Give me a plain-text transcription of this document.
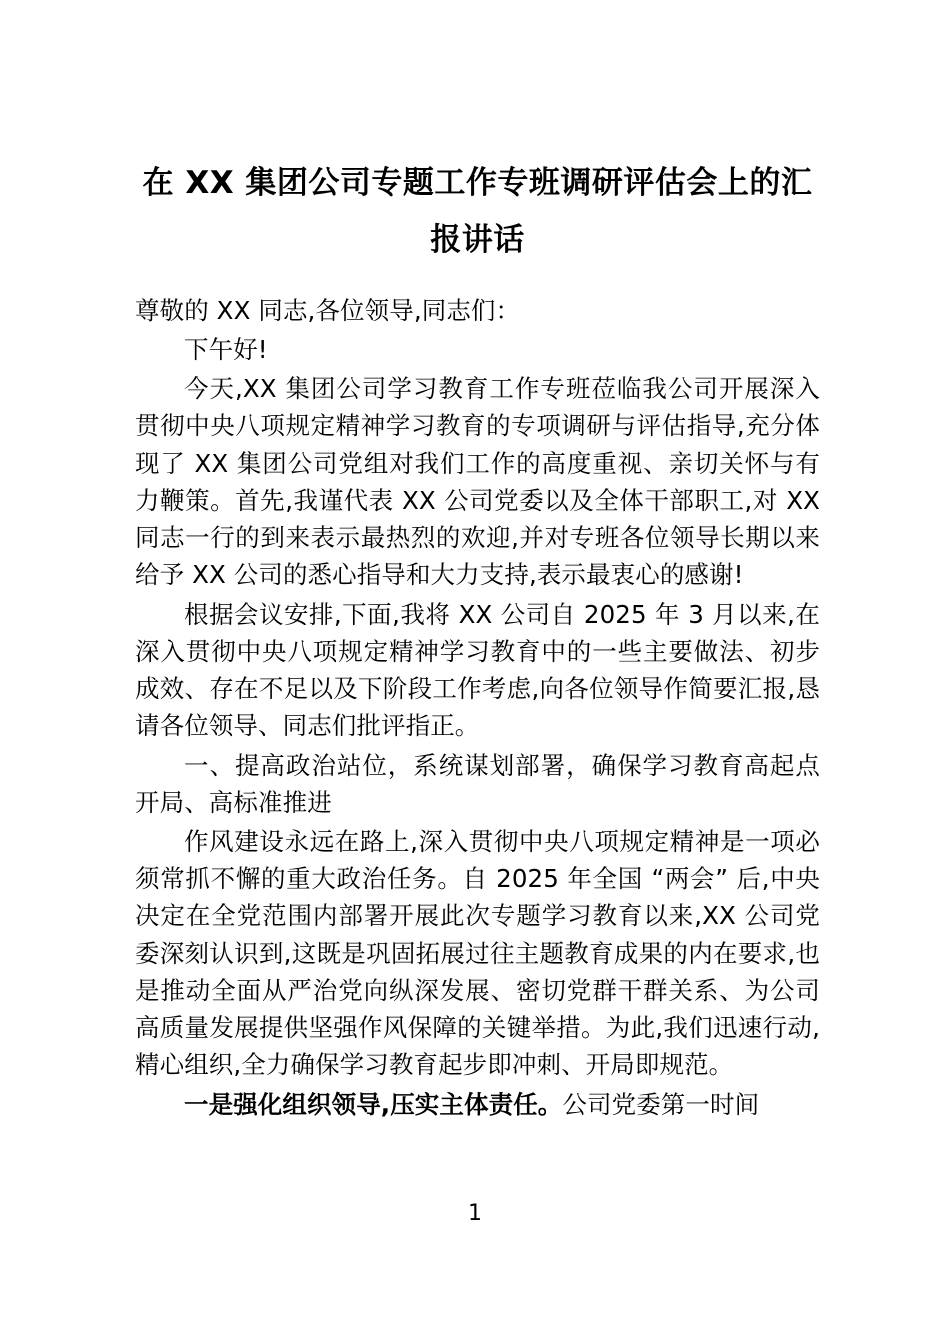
在 XX 集团公司专题工作专班调研评估会上的汇报讲话

尊敬的 XX 同志,各位领导,同志们：

下午好!

今天,XX 集团公司学习教育工作专班莅临我公司开展深入贯彻中央八项规定精神学习教育的专项调研与评估指导,充分体现了 XX 集团公司党组对我们工作的高度重视、亲切关怀与有力鞭策。首先,我谨代表 XX 公司党委以及全体干部职工,对 XX 同志一行的到来表示最热烈的欢迎,并对专班各位领导长期以来给予 XX 公司的悉心指导和大力支持,表示最衷心的感谢!

根据会议安排,下面,我将 XX 公司自 2025 年 3 月以来,在深入贯彻中央八项规定精神学习教育中的一些主要做法、初步成效、存在不足以及下阶段工作考虑,向各位领导作简要汇报,恳请各位领导、同志们批评指正。

一、提高政治站位，系统谋划部署，确保学习教育高起点开局、高标准推进

作风建设永远在路上,深入贯彻中央八项规定精神是一项必须常抓不懈的重大政治任务。自 2025 年全国 “两会” 后,中央决定在全党范围内部署开展此次专题学习教育以来,XX 公司党委深刻认识到,这既是巩固拓展过往主题教育成果的内在要求,也是推动全面从严治党向纵深发展、密切党群干群关系、为公司高质量发展提供坚强作风保障的关键举措。为此,我们迅速行动,精心组织,全力确保学习教育起步即冲刺、开局即规范。

一是强化组织领导,压实主体责任。公司党委第一时间

1
